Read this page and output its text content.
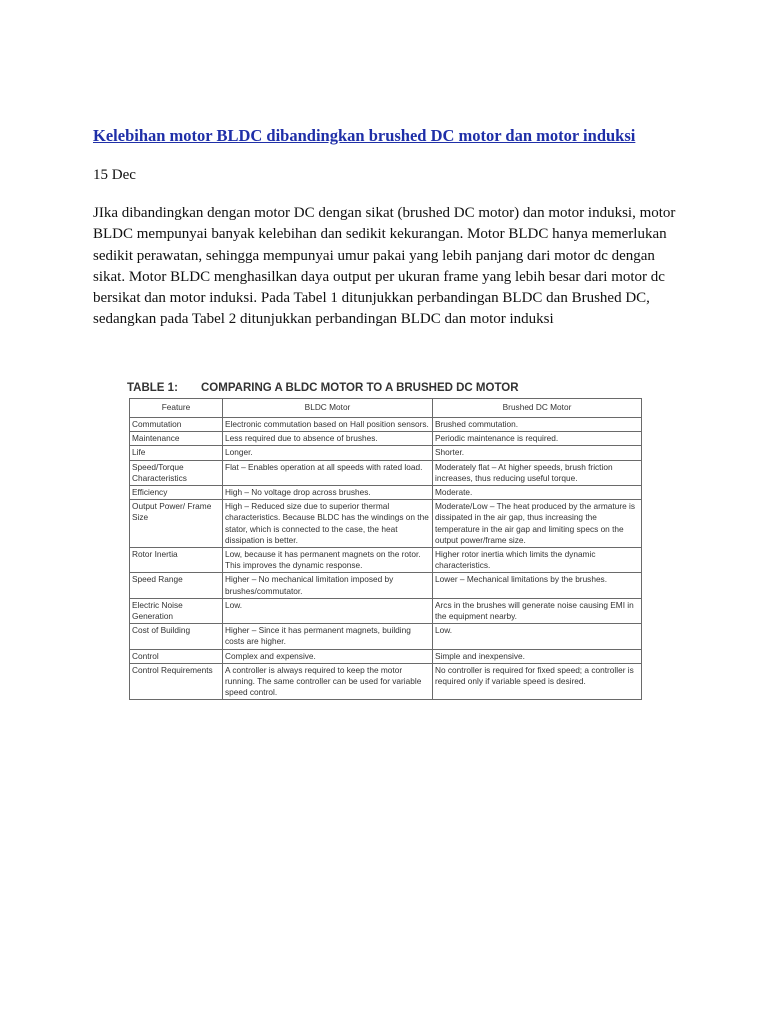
Kelebihan motor BLDC dibandingkan brushed DC motor dan motor induksi

15 Dec

JIka dibandingkan dengan motor DC dengan sikat (brushed DC motor) dan motor induksi, motor BLDC mempunyai banyak kelebihan dan sedikit kekurangan. Motor BLDC hanya memerlukan sedikit perawatan, sehingga mempunyai umur pakai yang lebih panjang dari motor dc dengan sikat. Motor BLDC menghasilkan daya output per ukuran frame yang lebih besar dari motor dc bersikat dan motor induksi. Pada Tabel 1 ditunjukkan perbandingan BLDC dan Brushed DC, sedangkan pada Tabel 2 ditunjukkan perbandingan BLDC dan motor induksi

TABLE 1: COMPARING A BLDC MOTOR TO A BRUSHED DC MOTOR
Feature	BLDC Motor	Brushed DC Motor
Commutation	Electronic commutation based on Hall position sensors.	Brushed commutation.
Maintenance	Less required due to absence of brushes.	Periodic maintenance is required.
Life	Longer.	Shorter.
Speed/Torque Characteristics	Flat – Enables operation at all speeds with rated load.	Moderately flat – At higher speeds, brush friction increases, thus reducing useful torque.
Efficiency	High – No voltage drop across brushes.	Moderate.
Output Power/ Frame Size	High – Reduced size due to superior thermal characteristics. Because BLDC has the windings on the stator, which is connected to the case, the heat dissipation is better.	Moderate/Low – The heat produced by the armature is dissipated in the air gap, thus increasing the temperature in the air gap and limiting specs on the output power/frame size.
Rotor Inertia	Low, because it has permanent magnets on the rotor. This improves the dynamic response.	Higher rotor inertia which limits the dynamic characteristics.
Speed Range	Higher – No mechanical limitation imposed by brushes/commutator.	Lower – Mechanical limitations by the brushes.
Electric Noise Generation	Low.	Arcs in the brushes will generate noise causing EMI in the equipment nearby.
Cost of Building	Higher – Since it has permanent magnets, building costs are higher.	Low.
Control	Complex and expensive.	Simple and inexpensive.
Control Requirements	A controller is always required to keep the motor running. The same controller can be used for variable speed control.	No controller is required for fixed speed; a controller is required only if variable speed is desired.
